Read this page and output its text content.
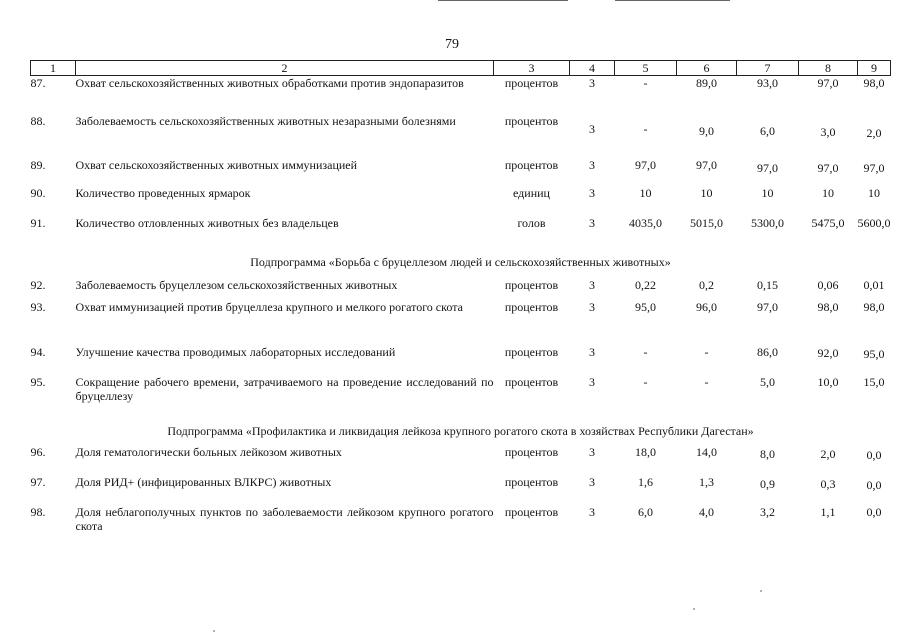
79
1	2	3	4	5	6	7	8	9
87.	Охват сельскохозяйственных животных обработками против эндопаразитов	процентов	3	-	89,0	93,0	97,0	98,0
88.	Заболеваемость сельскохозяйственных животных незаразными болезнями	процентов	3	-	9,0	6,0	3,0	2,0
89.	Охват сельскохозяйственных животных иммунизацией	процентов	3	97,0	97,0	97,0	97,0	97,0
90.	Количество проведенных ярмарок	единиц	3	10	10	10	10	10
91.	Количество отловленных животных без владельцев	голов	3	4035,0	5015,0	5300,0	5475,0	5600,0
Подпрограмма «Борьба с бруцеллезом людей и сельскохозяйственных животных»								
92.	Заболеваемость бруцеллезом сельскохозяйственных животных	процентов	3	0,22	0,2	0,15	0,06	0,01
93.	Охват иммунизацией против бруцеллеза крупного и мелкого рогатого скота	процентов	3	95,0	96,0	97,0	98,0	98,0
94.	Улучшение качества проводимых лабораторных исследований	процентов	3	-	-	86,0	92,0	95,0
95.	Сокращение рабочего времени, затрачиваемого на проведение исследований по бруцеллезу	процентов	3	-	-	5,0	10,0	15,0
Подпрограмма «Профилактика и ликвидация лейкоза крупного рогатого скота в хозяйствах Республики Дагестан»								
96.	Доля гематологически больных лейкозом животных	процентов	3	18,0	14,0	8,0	2,0	0,0
97.	Доля РИД+ (инфицированных ВЛКРС) животных	процентов	3	1,6	1,3	0,9	0,3	0,0
98.	Доля неблагополучных пунктов по заболеваемости лейкозом крупного рогатого скота	процентов	3	6,0	4,0	3,2	1,1	0,0
